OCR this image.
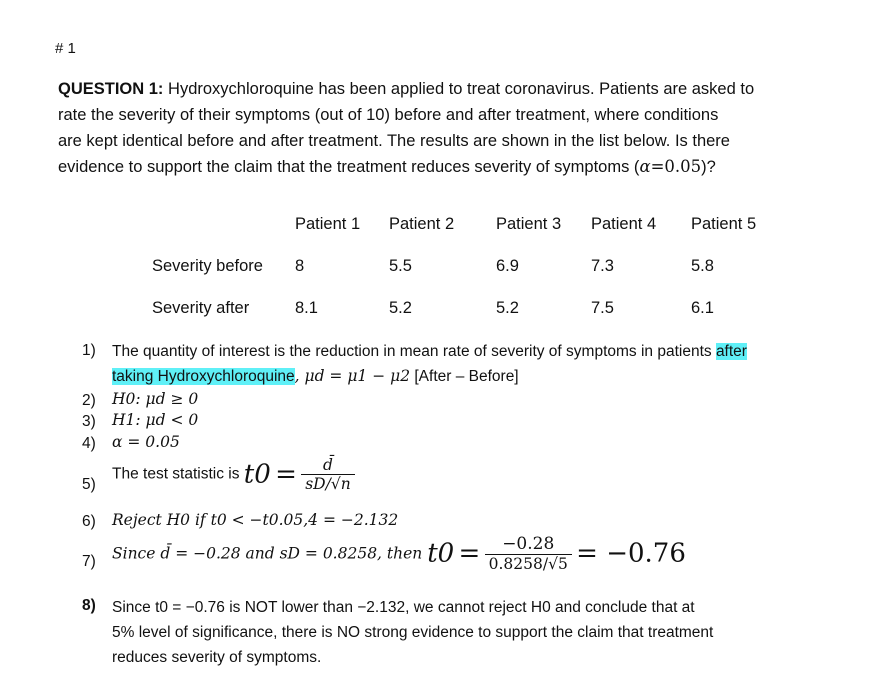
# 1
QUESTION 1: Hydroxychloroquine has been applied to treat coronavirus. Patients are asked to
rate the severity of their symptoms (out of 10) before and after treatment, where conditions
are kept identical before and after treatment. The results are shown in the list below. Is there
evidence to support the claim that the treatment reduces severity of symptoms (α=0.05)?
	Patient 1	Patient 2	Patient 3	Patient 4	Patient 5
Severity before	8	5.5	6.9	7.3	5.8
Severity after	8.1	5.2	5.2	7.5	6.1
1) The quantity of interest is the reduction in mean rate of severity of symptoms in patients after
taking Hydroxychloroquine, μd = μ1 − μ2 [After – Before]
2) H0: μd ≥ 0
3) H1: μd < 0
4) α = 0.05
5)
The test statistic is $t0 = \frac{d̄}{sD/√n}$
6) Reject H0 if t0 < −t0.05,4 = −2.132
7) Since d̄ = −0.28 and sD = 0.8258, then $t0 = \frac{-0.28}{0.8258/√5} = -0.76$
8) Since t0 = −0.76 is NOT lower than −2.132, we cannot reject H0 and conclude that at
5% level of significance, there is NO strong evidence to support the claim that treatment
reduces severity of symptoms.
